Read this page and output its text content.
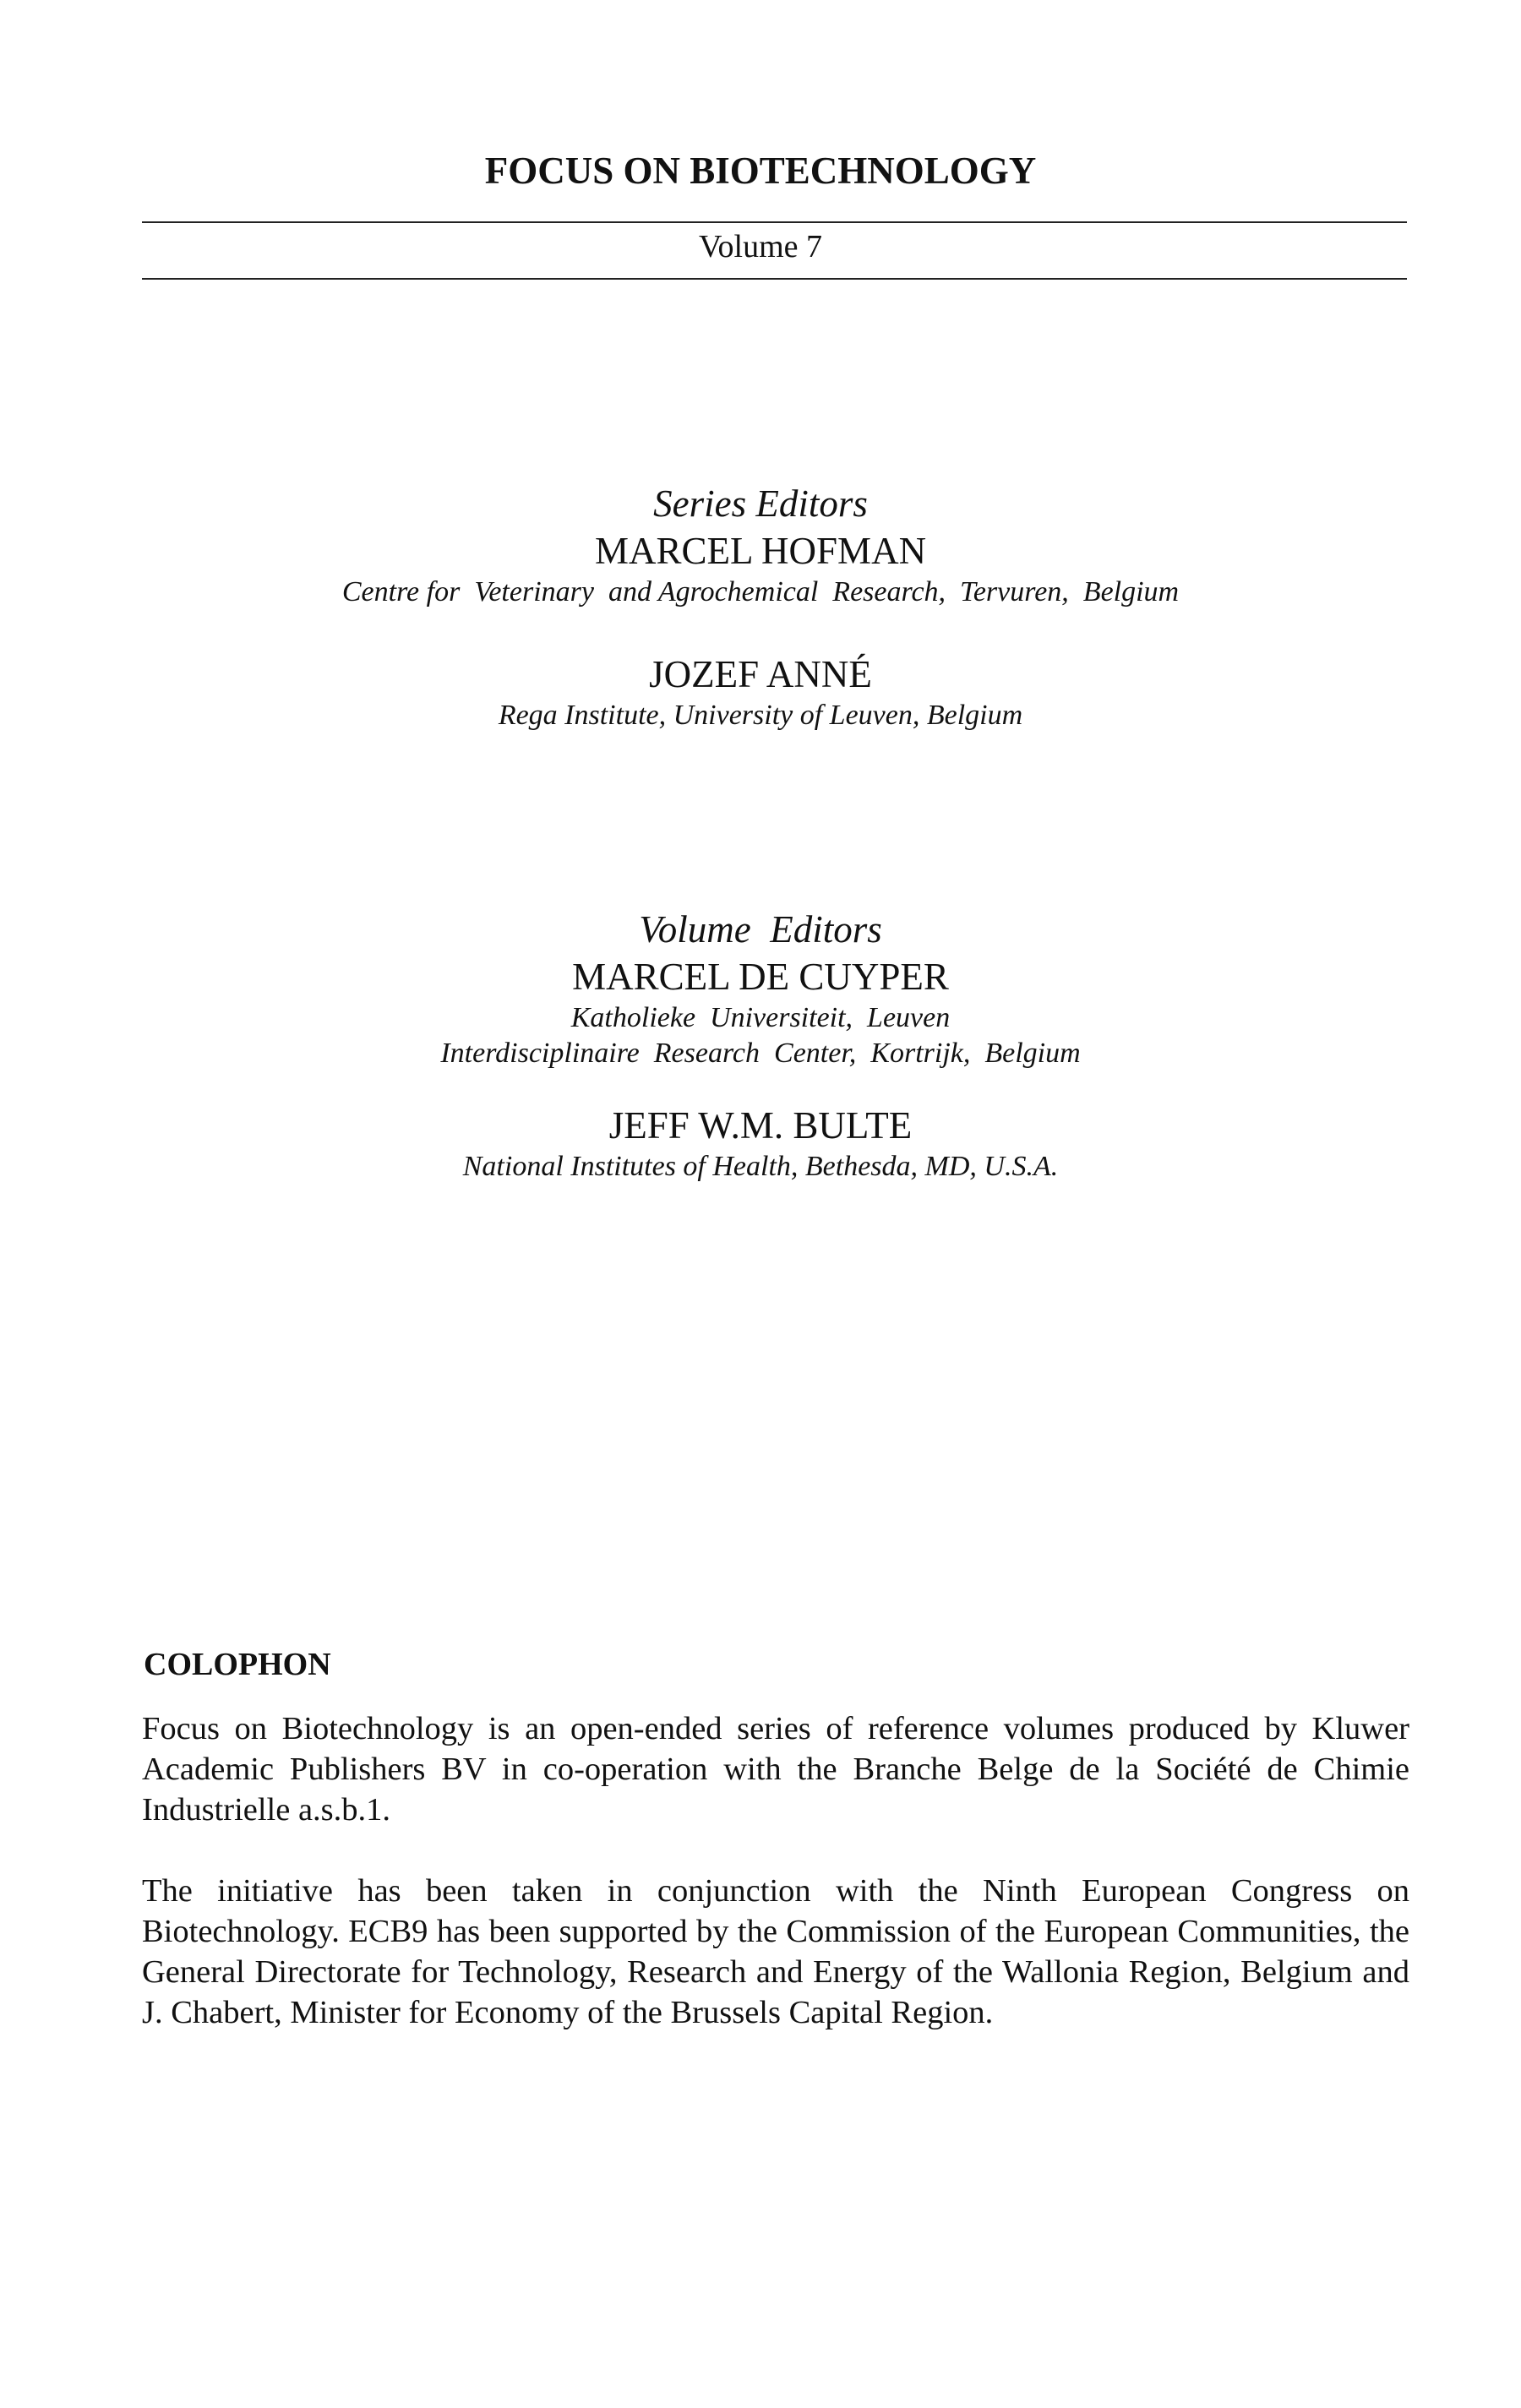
FOCUS ON BIOTECHNOLOGY
Volume 7
Series Editors
MARCEL HOFMAN
Centre for  Veterinary  and Agrochemical  Research,  Tervuren,  Belgium
JOZEF ANNÉ
Rega Institute, University of Leuven, Belgium
Volume  Editors
MARCEL DE CUYPER
Katholieke  Universiteit,  Leuven
Interdisciplinaire  Research  Center,  Kortrijk,  Belgium
JEFF W.M. BULTE
National Institutes of Health, Bethesda, MD, U.S.A.
COLOPHON

Focus on Biotechnology is an open-ended series of reference volumes produced by Kluwer Academic Publishers BV in co-operation with the Branche Belge de la Société de Chimie Industrielle a.s.b.1.

The initiative has been taken in conjunction with the Ninth European Congress on Biotechnology. ECB9 has been supported by the Commission of the European Communities, the General Directorate for Technology, Research and Energy of the Wallonia Region, Belgium and J. Chabert, Minister for Economy of the Brussels Capital Region.
